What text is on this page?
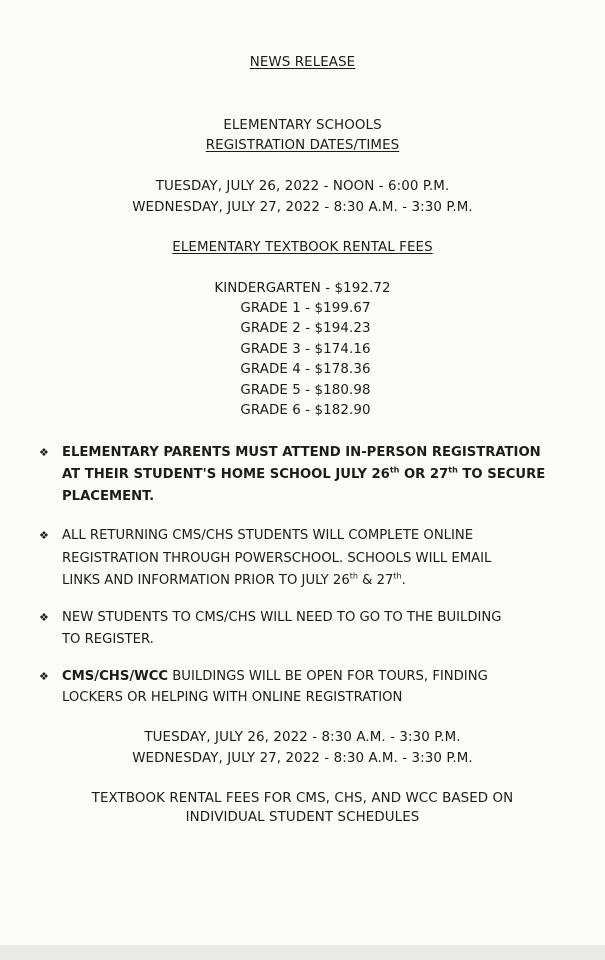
NEWS RELEASE
ELEMENTARY SCHOOLS
REGISTRATION DATES/TIMES
TUESDAY, JULY 26, 2022 - NOON - 6:00 P.M.
WEDNESDAY, JULY 27, 2022 - 8:30 A.M. - 3:30 P.M.
ELEMENTARY TEXTBOOK RENTAL FEES
KINDERGARTEN - $192.72
GRADE 1 - $199.67
GRADE 2 - $194.23
GRADE 3 - $174.16
GRADE 4 - $178.36
GRADE 5 - $180.98
GRADE 6 - $182.90
❖ ELEMENTARY PARENTS MUST ATTEND IN-PERSON REGISTRATION
AT THEIR STUDENT'S HOME SCHOOL JULY 26th OR 27th TO SECURE
PLACEMENT.
❖ ALL RETURNING CMS/CHS STUDENTS WILL COMPLETE ONLINE
REGISTRATION THROUGH POWERSCHOOL. SCHOOLS WILL EMAIL
LINKS AND INFORMATION PRIOR TO JULY 26th & 27th.
❖ NEW STUDENTS TO CMS/CHS WILL NEED TO GO TO THE BUILDING
TO REGISTER.
❖ CMS/CHS/WCC BUILDINGS WILL BE OPEN FOR TOURS, FINDING
LOCKERS OR HELPING WITH ONLINE REGISTRATION
TUESDAY, JULY 26, 2022 - 8:30 A.M. - 3:30 P.M.
WEDNESDAY, JULY 27, 2022 - 8:30 A.M. - 3:30 P.M.
TEXTBOOK RENTAL FEES FOR CMS, CHS, AND WCC BASED ON
INDIVIDUAL STUDENT SCHEDULES
